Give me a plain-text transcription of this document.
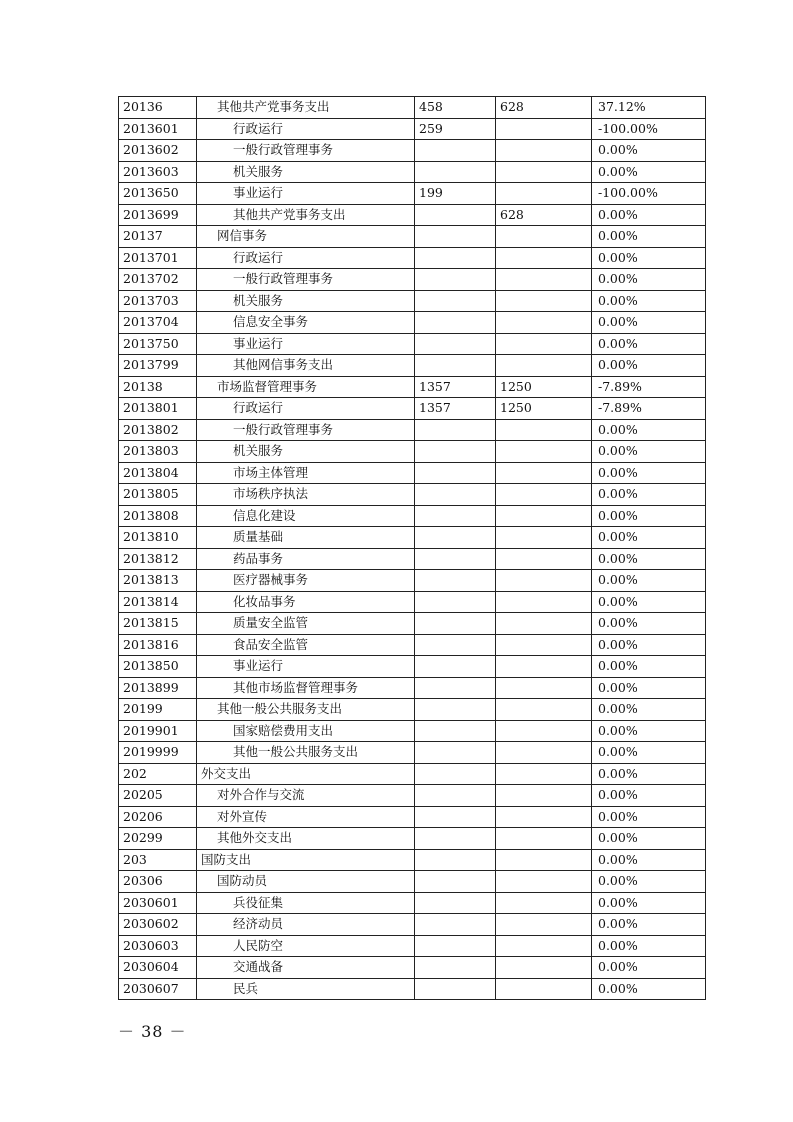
20136	其他共产党事务支出	458	628	37.12%
2013601	行政运行	259		-100.00%
2013602	一般行政管理事务			0.00%
2013603	机关服务			0.00%
2013650	事业运行	199		-100.00%
2013699	其他共产党事务支出		628	0.00%
20137	网信事务			0.00%
2013701	行政运行			0.00%
2013702	一般行政管理事务			0.00%
2013703	机关服务			0.00%
2013704	信息安全事务			0.00%
2013750	事业运行			0.00%
2013799	其他网信事务支出			0.00%
20138	市场监督管理事务	1357	1250	-7.89%
2013801	行政运行	1357	1250	-7.89%
2013802	一般行政管理事务			0.00%
2013803	机关服务			0.00%
2013804	市场主体管理			0.00%
2013805	市场秩序执法			0.00%
2013808	信息化建设			0.00%
2013810	质量基础			0.00%
2013812	药品事务			0.00%
2013813	医疗器械事务			0.00%
2013814	化妆品事务			0.00%
2013815	质量安全监管			0.00%
2013816	食品安全监管			0.00%
2013850	事业运行			0.00%
2013899	其他市场监督管理事务			0.00%
20199	其他一般公共服务支出			0.00%
2019901	国家赔偿费用支出			0.00%
2019999	其他一般公共服务支出			0.00%
202	外交支出			0.00%
20205	对外合作与交流			0.00%
20206	对外宣传			0.00%
20299	其他外交支出			0.00%
203	国防支出			0.00%
20306	国防动员			0.00%
2030601	兵役征集			0.00%
2030602	经济动员			0.00%
2030603	人民防空			0.00%
2030604	交通战备			0.00%
2030607	民兵			0.00%
－ 38 －
